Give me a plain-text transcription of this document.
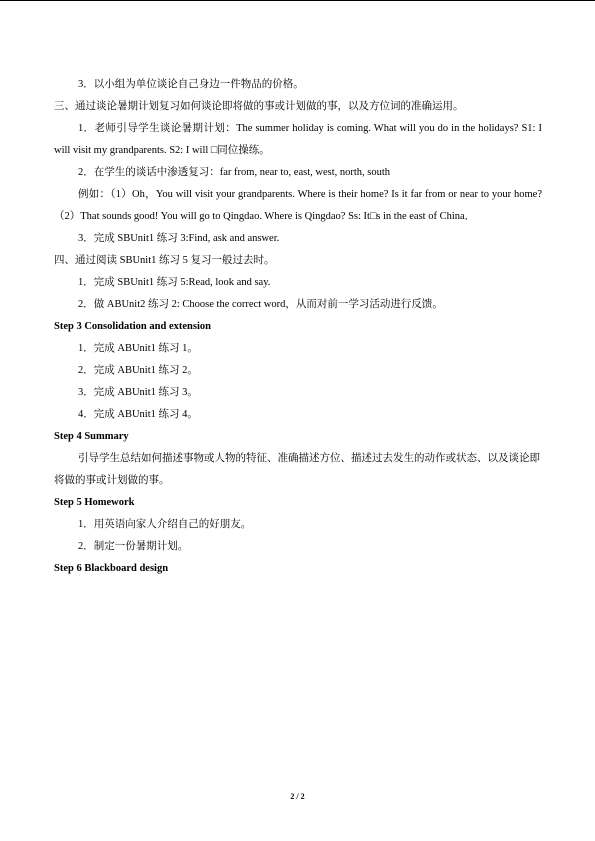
3．以小组为单位谈论自己身边一件物品的价格。

三、通过谈论暑期计划复习如何谈论即将做的事或计划做的事，以及方位词的准确运用。

1．老师引导学生谈论暑期计划：The summer holiday is coming. What will you do in the holidays? S1: I will visit my grandparents. S2: I will □同位操练。

2．在学生的谈话中渗透复习：far from, near to, east, west, north, south

例如：（1）Oh，You will visit your grandparents. Where is their home? Is it far from or near to your home? （2）That sounds good! You will go to Qingdao. Where is Qingdao? Ss: It□s in the east of China．

3．完成 SBUnit1 练习 3:Find, ask and answer.

四、通过阅读 SBUnit1 练习 5 复习一般过去时。

1．完成 SBUnit1 练习 5:Read, look and say.

2．做 ABUnit2 练习 2: Choose the correct word，从而对前一学习活动进行反馈。

Step 3 Consolidation and extension

1．完成 ABUnit1 练习 1。

2．完成 ABUnit1 练习 2。

3．完成 ABUnit1 练习 3。

4．完成 ABUnit1 练习 4。

Step 4 Summary

引导学生总结如何描述事物或人物的特征、准确描述方位、描述过去发生的动作或状态、以及谈论即将做的事或计划做的事。

Step 5 Homework

1．用英语向家人介绍自己的好朋友。

2．制定一份暑期计划。

Step 6 Blackboard design

2 / 2
